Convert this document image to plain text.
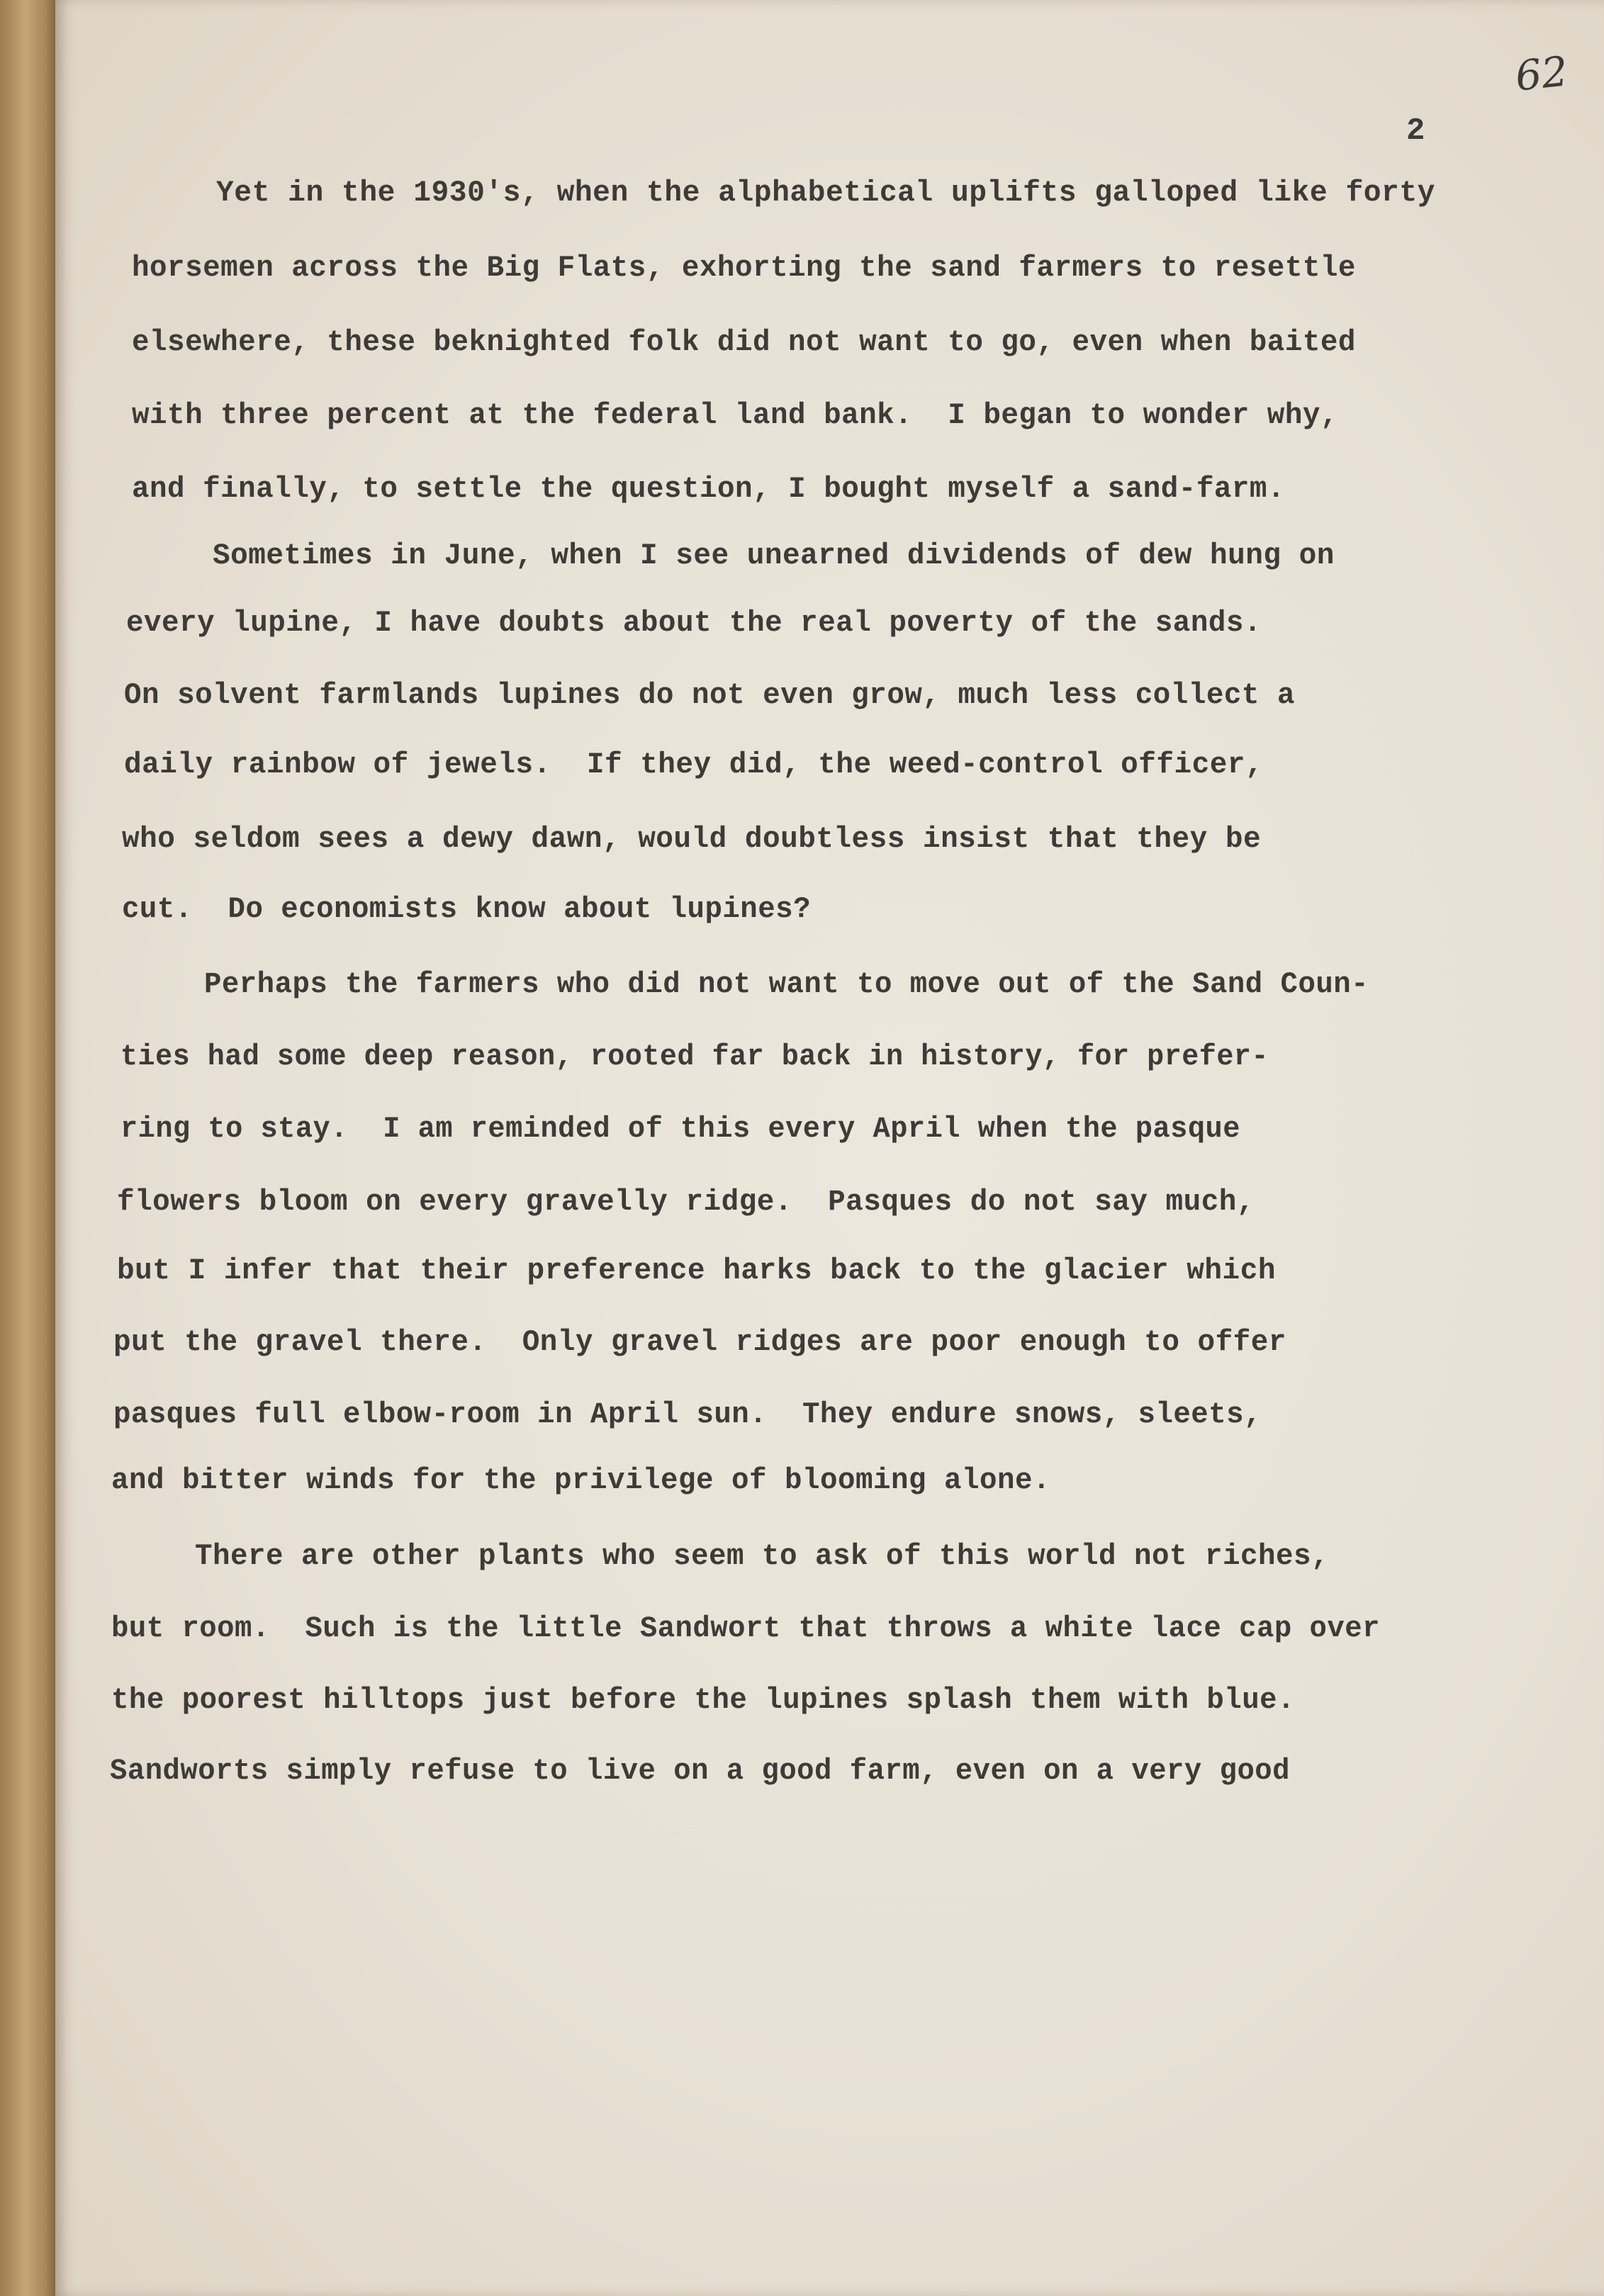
62
2
Yet in the 1930's, when the alphabetical uplifts galloped like forty
horsemen across the Big Flats, exhorting the sand farmers to resettle
elsewhere, these beknighted folk did not want to go, even when baited
with three percent at the federal land bank.  I began to wonder why,
and finally, to settle the question, I bought myself a sand-farm.
Sometimes in June, when I see unearned dividends of dew hung on
every lupine, I have doubts about the real poverty of the sands.
On solvent farmlands lupines do not even grow, much less collect a
daily rainbow of jewels.  If they did, the weed-control officer,
who seldom sees a dewy dawn, would doubtless insist that they be
cut.  Do economists know about lupines?
Perhaps the farmers who did not want to move out of the Sand Coun-
ties had some deep reason, rooted far back in history, for prefer-
ring to stay.  I am reminded of this every April when the pasque
flowers bloom on every gravelly ridge.  Pasques do not say much,
but I infer that their preference harks back to the glacier which
put the gravel there.  Only gravel ridges are poor enough to offer
pasques full elbow-room in April sun.  They endure snows, sleets,
and bitter winds for the privilege of blooming alone.
There are other plants who seem to ask of this world not riches,
but room.  Such is the little Sandwort that throws a white lace cap over
the poorest hilltops just before the lupines splash them with blue.
Sandworts simply refuse to live on a good farm, even on a very good
